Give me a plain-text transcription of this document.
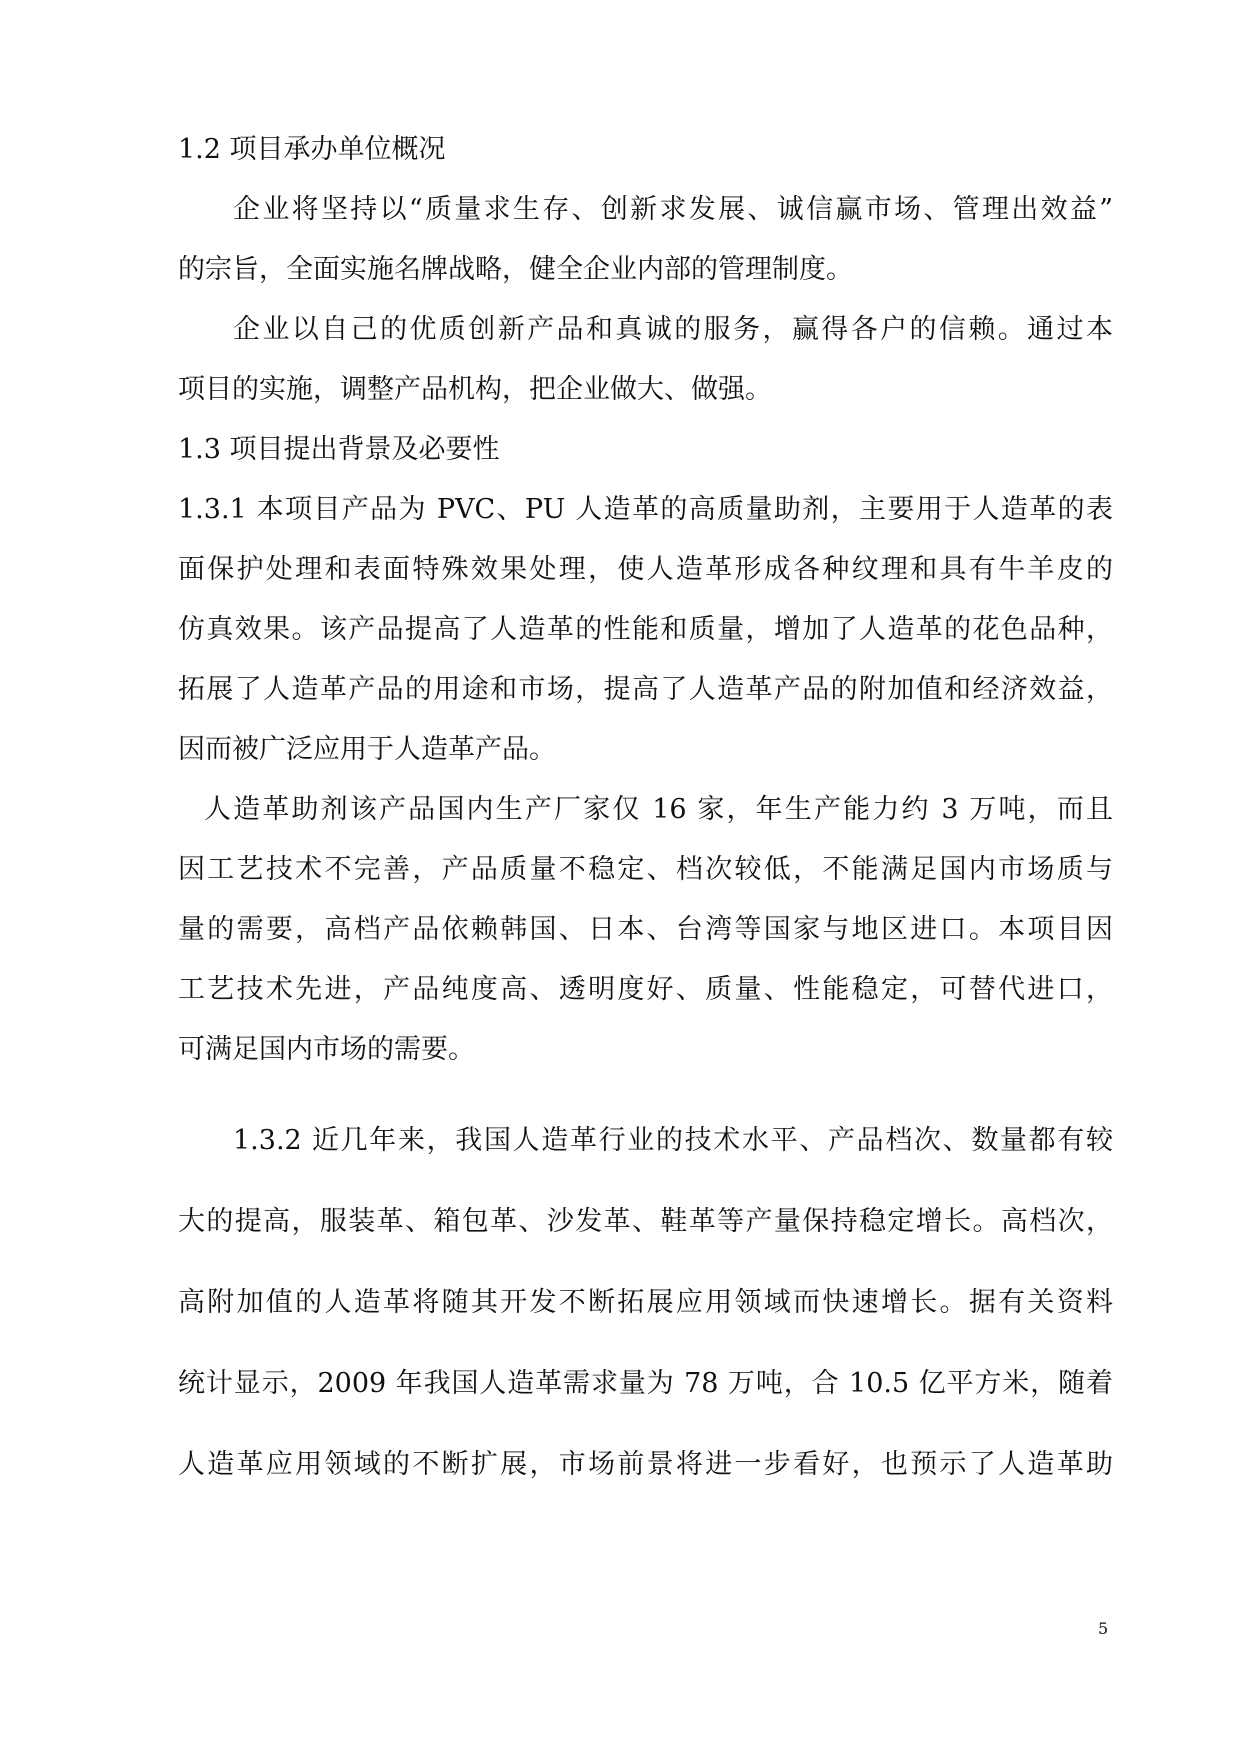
1.2 项目承办单位概况

企业将坚持以“质量求生存、创新求发展、诚信赢市场、管理出效益”

的宗旨，全面实施名牌战略，健全企业内部的管理制度。

企业以自己的优质创新产品和真诚的服务，赢得各户的信赖。通过本

项目的实施，调整产品机构，把企业做大、做强。

1.3 项目提出背景及必要性

1.3.1 本项目产品为 PVC、PU 人造革的高质量助剂，主要用于人造革的表

面保护处理和表面特殊效果处理，使人造革形成各种纹理和具有牛羊皮的

仿真效果。该产品提高了人造革的性能和质量，增加了人造革的花色品种，

拓展了人造革产品的用途和市场，提高了人造革产品的附加值和经济效益，

因而被广泛应用于人造革产品。

人造革助剂该产品国内生产厂家仅 16 家，年生产能力约 3 万吨，而且

因工艺技术不完善，产品质量不稳定、档次较低，不能满足国内市场质与

量的需要，高档产品依赖韩国、日本、台湾等国家与地区进口。本项目因

工艺技术先进，产品纯度高、透明度好、质量、性能稳定，可替代进口，

可满足国内市场的需要。

1.3.2 近几年来，我国人造革行业的技术水平、产品档次、数量都有较

大的提高，服装革、箱包革、沙发革、鞋革等产量保持稳定增长。高档次，

高附加值的人造革将随其开发不断拓展应用领域而快速增长。据有关资料

统计显示，2009 年我国人造革需求量为 78 万吨，合 10.5 亿平方米，随着

人造革应用领域的不断扩展，市场前景将进一步看好，也预示了人造革助

5
